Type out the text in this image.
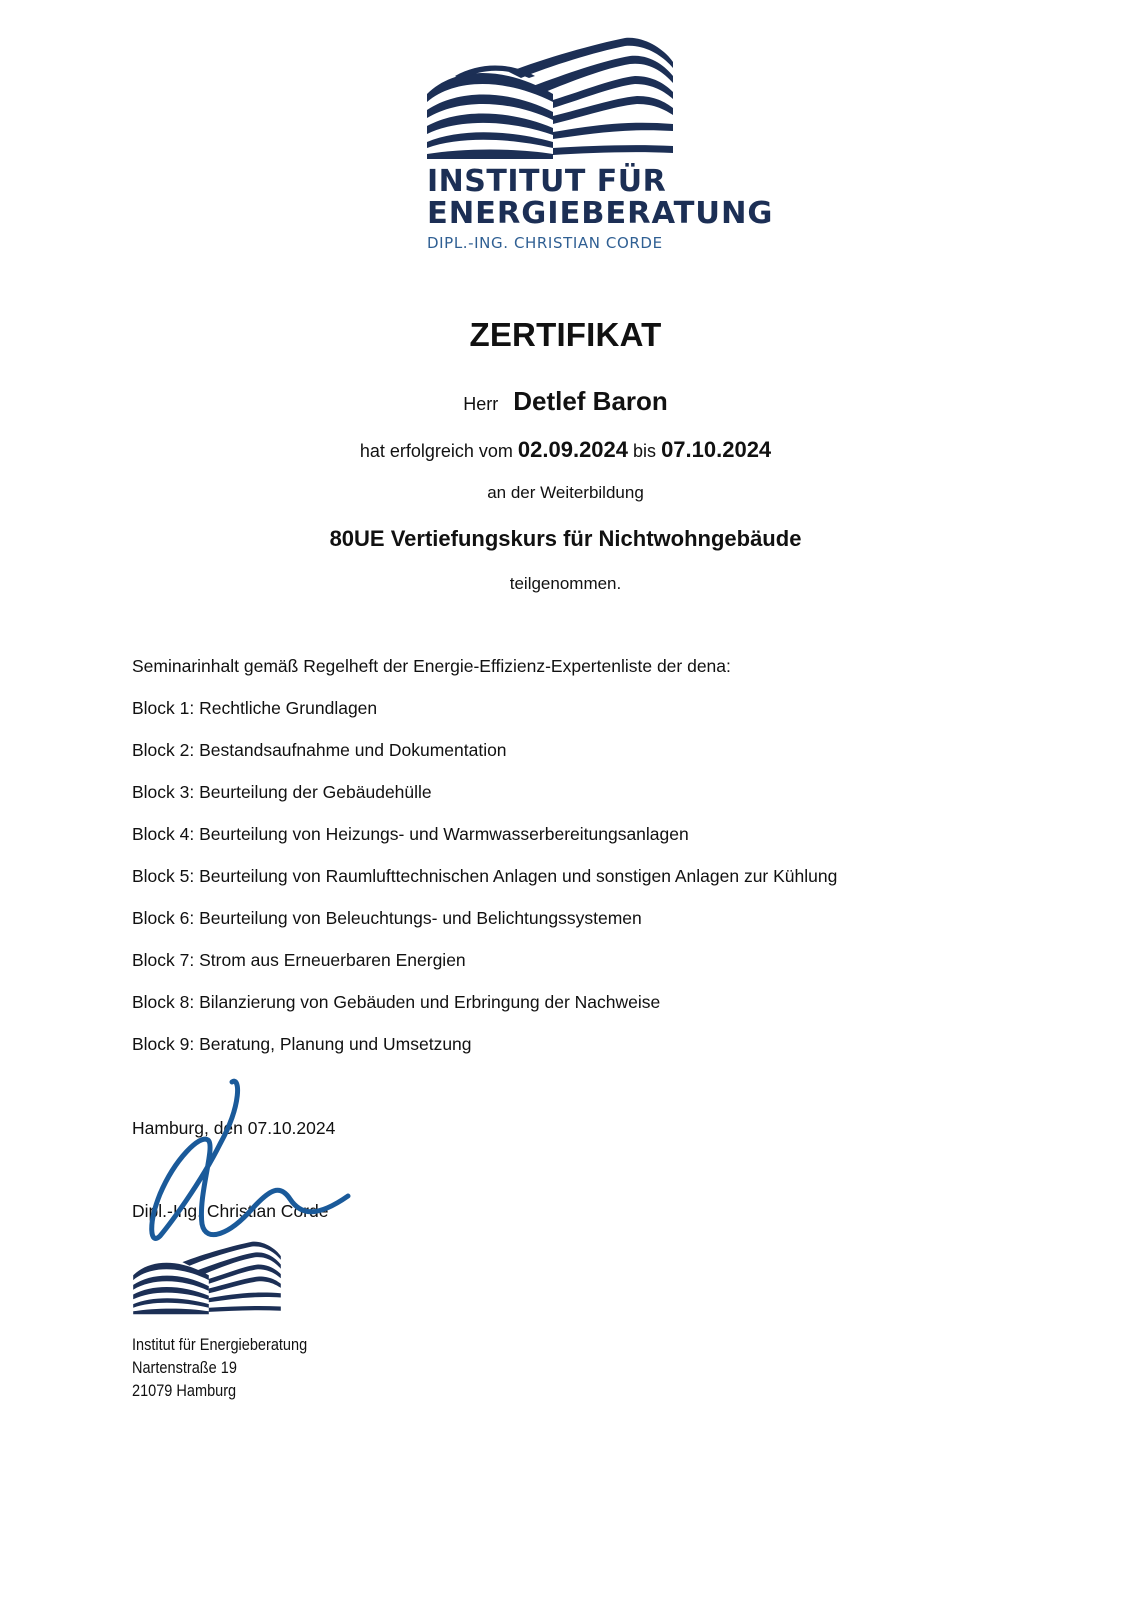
INSTITUT FÜR
ENERGIEBERATUNG
DIPL.-ING. CHRISTIAN CORDE
ZERTIFIKAT
Herr Detlef Baron
hat erfolgreich vom 02.09.2024 bis 07.10.2024
an der Weiterbildung
80UE Vertiefungskurs für Nichtwohngebäude
teilgenommen.
Seminarinhalt gemäß Regelheft der Energie-Effizienz-Expertenliste der dena:
Block 1: Rechtliche Grundlagen
Block 2: Bestandsaufnahme und Dokumentation
Block 3: Beurteilung der Gebäudehülle
Block 4: Beurteilung von Heizungs- und Warmwasserbereitungsanlagen
Block 5: Beurteilung von Raumlufttechnischen Anlagen und sonstigen Anlagen zur Kühlung
Block 6: Beurteilung von Beleuchtungs- und Belichtungssystemen
Block 7: Strom aus Erneuerbaren Energien
Block 8: Bilanzierung von Gebäuden und Erbringung der Nachweise
Block 9: Beratung, Planung und Umsetzung
Hamburg, den 07.10.2024
Dipl.-Ing. Christian Corde
Institut für Energieberatung
Nartenstraße 19
21079 Hamburg
